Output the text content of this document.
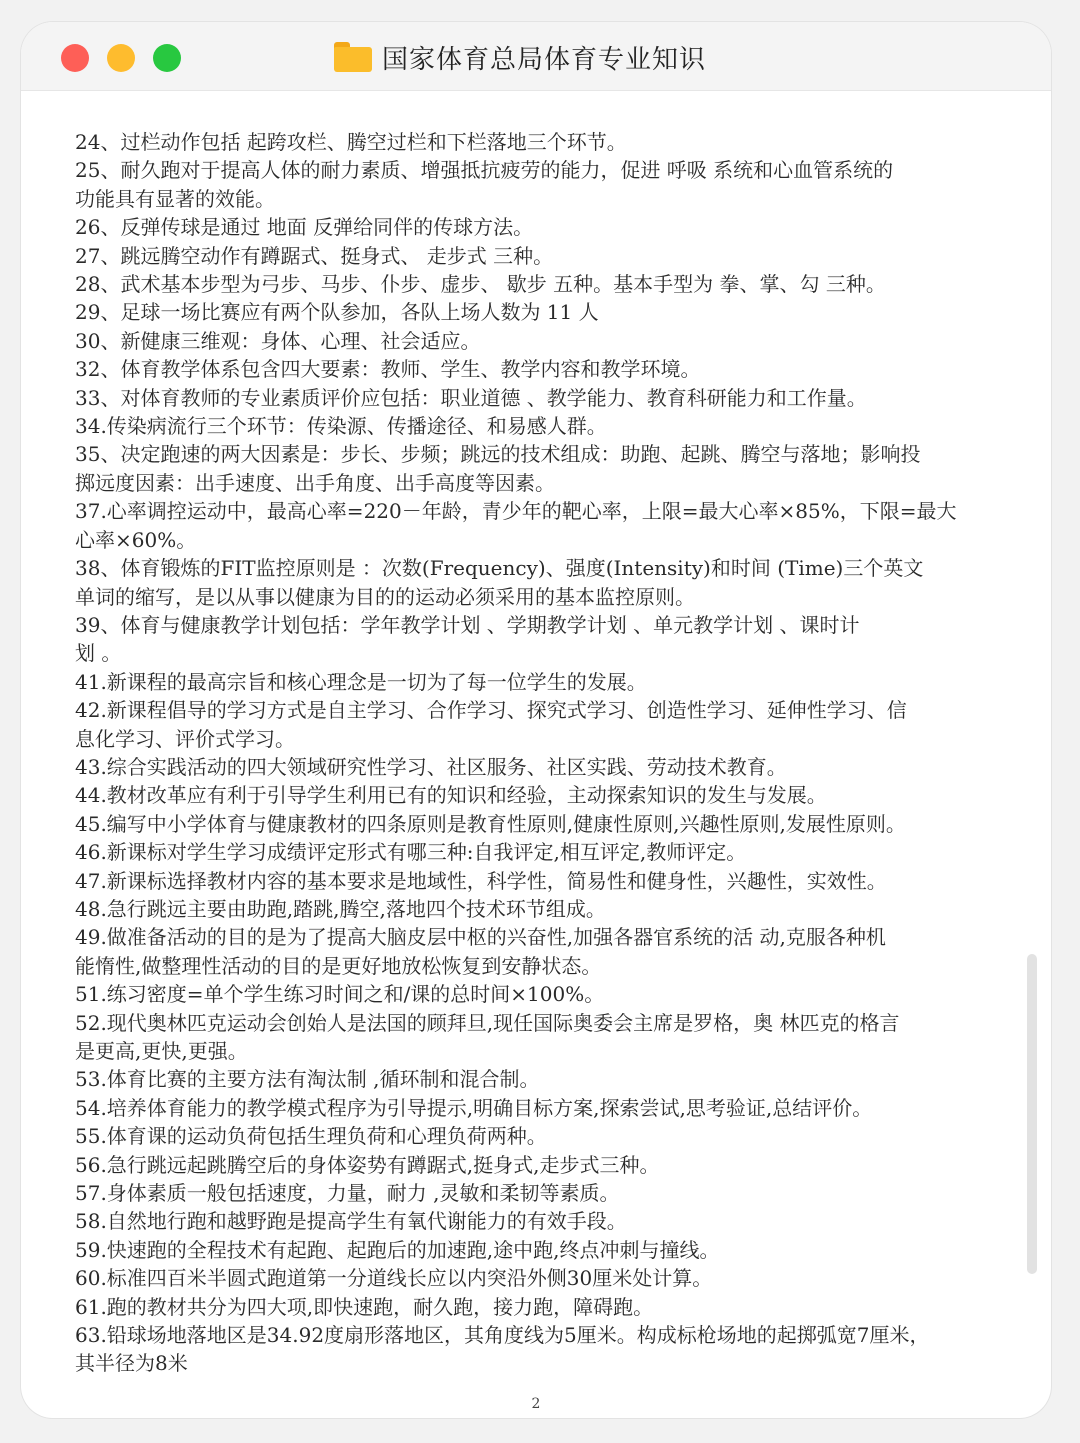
国家体育总局体育专业知识
24、过栏动作包括 起跨攻栏、腾空过栏和下栏落地三个环节。
25、耐久跑对于提高人体的耐力素质、增强抵抗疲劳的能力，促进 呼吸 系统和心血管系统的
功能具有显著的效能。
26、反弹传球是通过 地面 反弹给同伴的传球方法。
27、跳远腾空动作有蹲踞式、挺身式、 走步式 三种。
28、武术基本步型为弓步、马步、仆步、虚步、 歇步 五种。基本手型为 拳、掌、勾 三种。
29、足球一场比赛应有两个队参加，各队上场人数为 11 人
30、新健康三维观：身体、心理、社会适应。
32、体育教学体系包含四大要素：教师、学生、教学内容和教学环境。
33、对体育教师的专业素质评价应包括：职业道德 、教学能力、教育科研能力和工作量。
34.传染病流行三个环节：传染源、传播途径、和易感人群。
35、决定跑速的两大因素是：步长、步频；跳远的技术组成：助跑、起跳、腾空与落地；影响投
掷远度因素：出手速度、出手角度、出手高度等因素。
37.心率调控运动中，最高心率=220－年龄，青少年的靶心率，上限=最大心率×85%，下限=最大
心率×60%。
38、体育锻炼的FIT监控原则是 ：次数(Frequency)、强度(Intensity)和时间 (Time)三个英文
单词的缩写，是以从事以健康为目的的运动必须采用的基本监控原则。
39、体育与健康教学计划包括：学年教学计划 、学期教学计划 、单元教学计划 、课时计
划 。
41.新课程的最高宗旨和核心理念是一切为了每一位学生的发展。
42.新课程倡导的学习方式是自主学习、合作学习、探究式学习、创造性学习、延伸性学习、信
息化学习、评价式学习。
43.综合实践活动的四大领域研究性学习、社区服务、社区实践、劳动技术教育。
44.教材改革应有利于引导学生利用已有的知识和经验，主动探索知识的发生与发展。
45.编写中小学体育与健康教材的四条原则是教育性原则,健康性原则,兴趣性原则,发展性原则。
46.新课标对学生学习成绩评定形式有哪三种:自我评定,相互评定,教师评定。
47.新课标选择教材内容的基本要求是地域性，科学性，简易性和健身性，兴趣性，实效性。
48.急行跳远主要由助跑,踏跳,腾空,落地四个技术环节组成。
49.做准备活动的目的是为了提高大脑皮层中枢的兴奋性,加强各器官系统的活 动,克服各种机
能惰性,做整理性活动的目的是更好地放松恢复到安静状态。
51.练习密度=单个学生练习时间之和/课的总时间×100%。
52.现代奥林匹克运动会创始人是法国的顾拜旦,现任国际奥委会主席是罗格，奥 林匹克的格言
是更高,更快,更强。
53.体育比赛的主要方法有淘汰制 ,循环制和混合制。
54.培养体育能力的教学模式程序为引导提示,明确目标方案,探索尝试,思考验证,总结评价。
55.体育课的运动负荷包括生理负荷和心理负荷两种。
56.急行跳远起跳腾空后的身体姿势有蹲踞式,挺身式,走步式三种。
57.身体素质一般包括速度，力量，耐力 ,灵敏和柔韧等素质。
58.自然地行跑和越野跑是提高学生有氧代谢能力的有效手段。
59.快速跑的全程技术有起跑、起跑后的加速跑,途中跑,终点冲刺与撞线。
60.标准四百米半圆式跑道第一分道线长应以内突沿外侧30厘米处计算。
61.跑的教材共分为四大项,即快速跑，耐久跑，接力跑，障碍跑。
63.铅球场地落地区是34.92度扇形落地区，其角度线为5厘米。构成标枪场地的起掷弧宽7厘米，
其半径为8米
2
